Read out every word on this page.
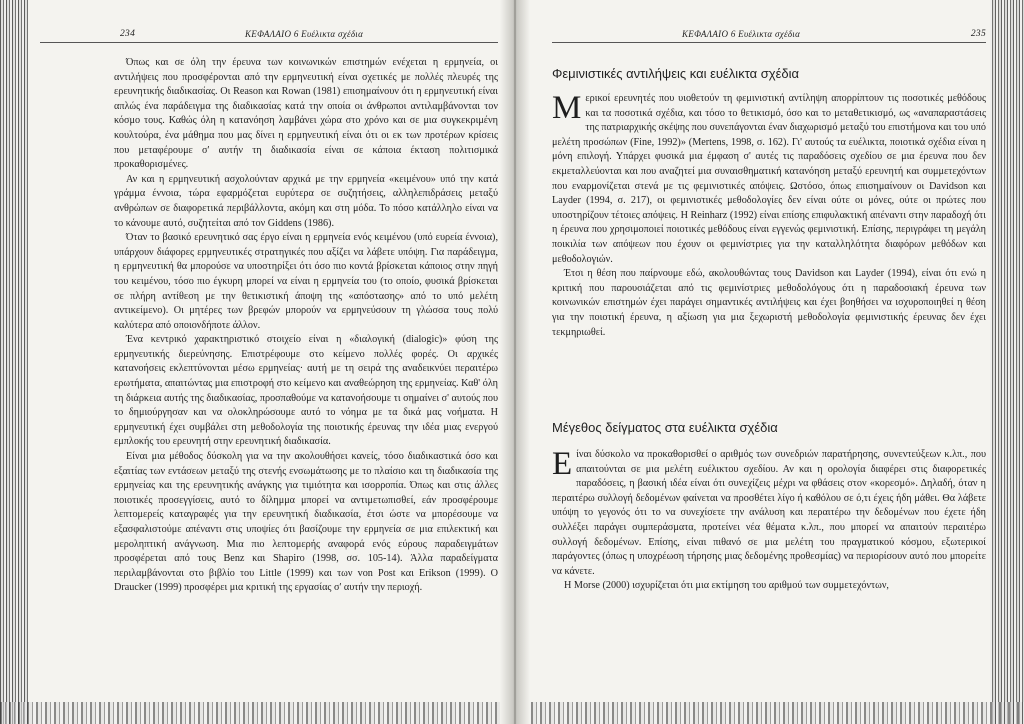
234	ΚΕΦΑΛΑΙΟ 6 Ευέλικτα σχέδια

Όπως και σε όλη την έρευνα των κοινωνικών επιστημών ενέχεται η ερμηνεία, οι αντιλήψεις που προσφέρονται από την ερμηνευτική είναι σχετικές με πολλές πλευρές της ερευνητικής διαδικασίας. Οι Reason και Rowan (1981) επισημαίνουν ότι η ερμηνευτική είναι απλώς ένα παράδειγμα της διαδικασίας κατά την οποία οι άνθρωποι αντιλαμβάνονται τον κόσμο τους. Καθώς όλη η κατανόηση λαμβάνει χώρα στο χρόνο και σε μια συγκεκριμένη κουλτούρα, ένα μάθημα που μας δίνει η ερμηνευτική είναι ότι οι εκ των προτέρων κρίσεις που μεταφέρουμε σ' αυτήν τη διαδικασία είναι σε κάποια έκταση πολιτισμικά προκαθορισμένες.

Αν και η ερμηνευτική ασχολούνταν αρχικά με την ερμηνεία «κειμένου» υπό την κατά γράμμα έννοια, τώρα εφαρμόζεται ευρύτερα σε συζητήσεις, αλληλεπιδράσεις μεταξύ ανθρώπων σε διαφορετικά περιβάλλοντα, ακόμη και στη μόδα. Το πόσο κατάλληλο είναι να το κάνουμε αυτό, συζητείται από τον Giddens (1986).

Όταν το βασικό ερευνητικό σας έργο είναι η ερμηνεία ενός κειμένου (υπό ευρεία έννοια), υπάρχουν διάφορες ερμηνευτικές στρατηγικές που αξίζει να λάβετε υπόψη. Για παράδειγμα, η ερμηνευτική θα μπορούσε να υποστηρίξει ότι όσο πιο κοντά βρίσκεται κάποιος στην πηγή του κειμένου, τόσο πιο έγκυρη μπορεί να είναι η ερμηνεία του (το οποίο, φυσικά βρίσκεται σε πλήρη αντίθεση με την θετικιστική άποψη της «απόστασης» από το υπό μελέτη αντικείμενο). Οι μητέρες των βρεφών μπορούν να ερμηνεύσουν τη γλώσσα τους πολύ καλύτερα από οποιονδήποτε άλλον.

Ένα κεντρικό χαρακτηριστικό στοιχείο είναι η «διαλογική (dialogic)» φύση της ερμηνευτικής διερεύνησης. Επιστρέφουμε στο κείμενο πολλές φορές. Οι αρχικές κατανοήσεις εκλεπτύνονται μέσω ερμηνείας· αυτή με τη σειρά της αναδεικνύει περαιτέρω ερωτήματα, απαιτώντας μια επιστροφή στο κείμενο και αναθεώρηση της ερμηνείας. Καθ' όλη τη διάρκεια αυτής της διαδικασίας, προσπαθούμε να κατανοήσουμε τι σημαίνει σ' αυτούς που το δημιούργησαν και να ολοκληρώσουμε αυτό το νόημα με τα δικά μας νοήματα. Η ερμηνευτική έχει συμβάλει στη μεθοδολογία της ποιοτικής έρευνας την ιδέα μιας ενεργού εμπλοκής του ερευνητή στην ερευνητική διαδικασία.

Είναι μια μέθοδος δύσκολη για να την ακολουθήσει κανείς, τόσο διαδικαστικά όσο και εξαιτίας των εντάσεων μεταξύ της στενής ενσωμάτωσης με το πλαίσιο και τη διαδικασία της ερμηνείας και της ερευνητικής ανάγκης για τιμιότητα και ισορροπία. Όπως και στις άλλες ποιοτικές προσεγγίσεις, αυτό το δίλημμα μπορεί να αντιμετωπισθεί, εάν προσφέρουμε λεπτομερείς καταγραφές για την ερευνητική διαδικασία, έτσι ώστε να μπορέσουμε να εξασφαλιστούμε απέναντι στις υποψίες ότι βασίζουμε την ερμηνεία σε μια επιλεκτική και μεροληπτική ανάγνωση. Μια πιο λεπτομερής αναφορά ενός εύρους παραδειγμάτων προσφέρεται από τους Benz και Shapiro (1998, σσ. 105-14). Άλλα παραδείγματα περιλαμβάνονται στο βιβλίο του Little (1999) και των von Post και Erikson (1999). Ο Draucker (1999) προσφέρει μια κριτική της εργασίας σ' αυτήν την περιοχή.

ΚΕΦΑΛΑΙΟ 6 Ευέλικτα σχέδια	235
Φεμινιστικές αντιλήψεις και ευέλικτα σχέδια

Μερικοί ερευνητές που υιοθετούν τη φεμινιστική αντίληψη απορρίπτουν τις ποσοτικές μεθόδους και τα ποσοτικά σχέδια, και τόσο το θετικισμό, όσο και το μεταθετικισμό, ως «αναπαραστάσεις της πατριαρχικής σκέψης που συνεπάγονται έναν διαχωρισμό μεταξύ του επιστήμονα και του υπό μελέτη προσώπων (Fine, 1992)» (Mertens, 1998, σ. 162). Γι' αυτούς τα ευέλικτα, ποιοτικά σχέδια είναι η μόνη επιλογή. Υπάρχει φυσικά μια έμφαση σ' αυτές τις παραδόσεις σχεδίου σε μια έρευνα που δεν εκμεταλλεύονται και που αναζητεί μια συναισθηματική κατανόηση μεταξύ ερευνητή και συμμετεχόντων που εναρμονίζεται στενά με τις φεμινιστικές απόψεις. Ωστόσο, όπως επισημαίνουν οι Davidson και Layder (1994, σ. 217), οι φεμινιστικές μεθοδολογίες δεν είναι ούτε οι μόνες, ούτε οι πρώτες που υποστηρίζουν τέτοιες απόψεις. Η Reinharz (1992) είναι επίσης επιφυλακτική απέναντι στην παραδοχή ότι η έρευνα που χρησιμοποιεί ποιοτικές μεθόδους είναι εγγενώς φεμινιστική. Επίσης, περιγράφει τη μεγάλη ποικιλία των απόψεων που έχουν οι φεμινίστριες για την καταλληλότητα διαφόρων μεθόδων και μεθοδολογιών.

Έτσι η θέση που παίρνουμε εδώ, ακολουθώντας τους Davidson και Layder (1994), είναι ότι ενώ η κριτική που παρουσιάζεται από τις φεμινίστριες μεθοδολόγους ότι η παραδοσιακή έρευνα των κοινωνικών επιστημών έχει παράγει σημαντικές αντιλήψεις και έχει βοηθήσει να ισχυροποιηθεί η θέση για την ποιοτική έρευνα, η αξίωση για μια ξεχωριστή μεθοδολογία φεμινιστικής έρευνας δεν έχει τεκμηριωθεί.

Μέγεθος δείγματος στα ευέλικτα σχέδια

Είναι δύσκολο να προκαθορισθεί ο αριθμός των συνεδριών παρατήρησης, συνεντεύξεων κ.λπ., που απαιτούνται σε μια μελέτη ευέλικτου σχεδίου. Αν και η ορολογία διαφέρει στις διαφορετικές παραδόσεις, η βασική ιδέα είναι ότι συνεχίζεις μέχρι να φθάσεις στον «κορεσμό». Δηλαδή, όταν η περαιτέρω συλλογή δεδομένων φαίνεται να προσθέτει λίγο ή καθόλου σε ό,τι έχεις ήδη μάθει. Θα λάβετε υπόψη το γεγονός ότι το να συνεχίσετε την ανάλυση και περαιτέρω την δεδομένων που έχετε ήδη συλλέξει παράγει συμπεράσματα, προτείνει νέα θέματα κ.λπ., που μπορεί να απαιτούν περαιτέρω συλλογή δεδομένων. Επίσης, είναι πιθανό σε μια μελέτη του πραγματικού κόσμου, εξωτερικοί παράγοντες (όπως η υποχρέωση τήρησης μιας δεδομένης προθεσμίας) να περιορίσουν αυτό που μπορείτε να κάνετε.

Η Morse (2000) ισχυρίζεται ότι μια εκτίμηση του αριθμού των συμμετεχόντων,
